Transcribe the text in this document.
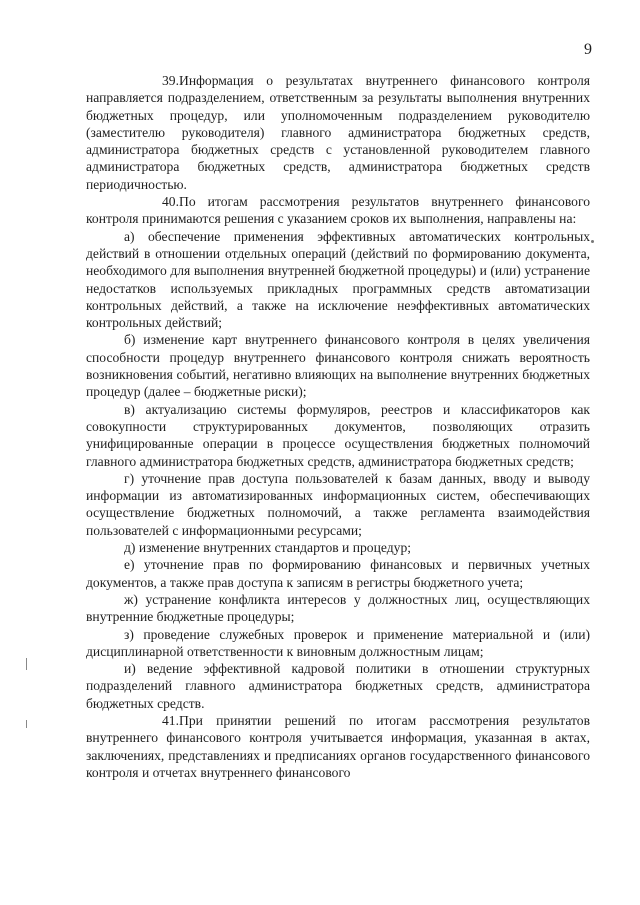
9

39.Информация о результатах внутреннего финансового контроля направляется подразделением, ответственным за результаты выполнения внутренних бюджетных процедур, или уполномоченным подразделением руководителю (заместителю руководителя) главного администратора бюджетных средств, администратора бюджетных средств с установленной руководителем главного администратора бюджетных средств, администратора бюджетных средств периодичностью.

40.По итогам рассмотрения результатов внутреннего финансового контроля принимаются решения с указанием сроков их выполнения, направлены на:

а) обеспечение применения эффективных автоматических контрольных действий в отношении отдельных операций (действий по формированию документа, необходимого для выполнения внутренней бюджетной процедуры) и (или) устранение недостатков используемых прикладных программных средств автоматизации контрольных действий, а также на исключение неэффективных автоматических контрольных действий;

б) изменение карт внутреннего финансового контроля в целях увеличения способности процедур внутреннего финансового контроля снижать вероятность возникновения событий, негативно влияющих на выполнение внутренних бюджетных процедур (далее – бюджетные риски);

в) актуализацию системы формуляров, реестров и классификаторов как совокупности структурированных документов, позволяющих отразить унифицированные операции в процессе осуществления бюджетных полномочий главного администратора бюджетных средств, администратора бюджетных средств;

г) уточнение прав доступа пользователей к базам данных, вводу и выводу информации из автоматизированных информационных систем, обеспечивающих осуществление бюджетных полномочий, а также регламента взаимодействия пользователей с информационными ресурсами;

д) изменение внутренних стандартов и процедур;

е) уточнение прав по формированию финансовых и первичных учетных документов, а также прав доступа к записям в регистры бюджетного учета;

ж) устранение конфликта интересов у должностных лиц, осуществляющих внутренние бюджетные процедуры;

з) проведение служебных проверок и применение материальной и (или) дисциплинарной ответственности к виновным должностным лицам;

и) ведение эффективной кадровой политики в отношении структурных подразделений главного администратора бюджетных средств, администратора бюджетных средств.

41.При принятии решений по итогам рассмотрения результатов внутреннего финансового контроля учитывается информация, указанная в актах, заключениях, представлениях и предписаниях органов государственного финансового контроля и отчетах внутреннего финансового
